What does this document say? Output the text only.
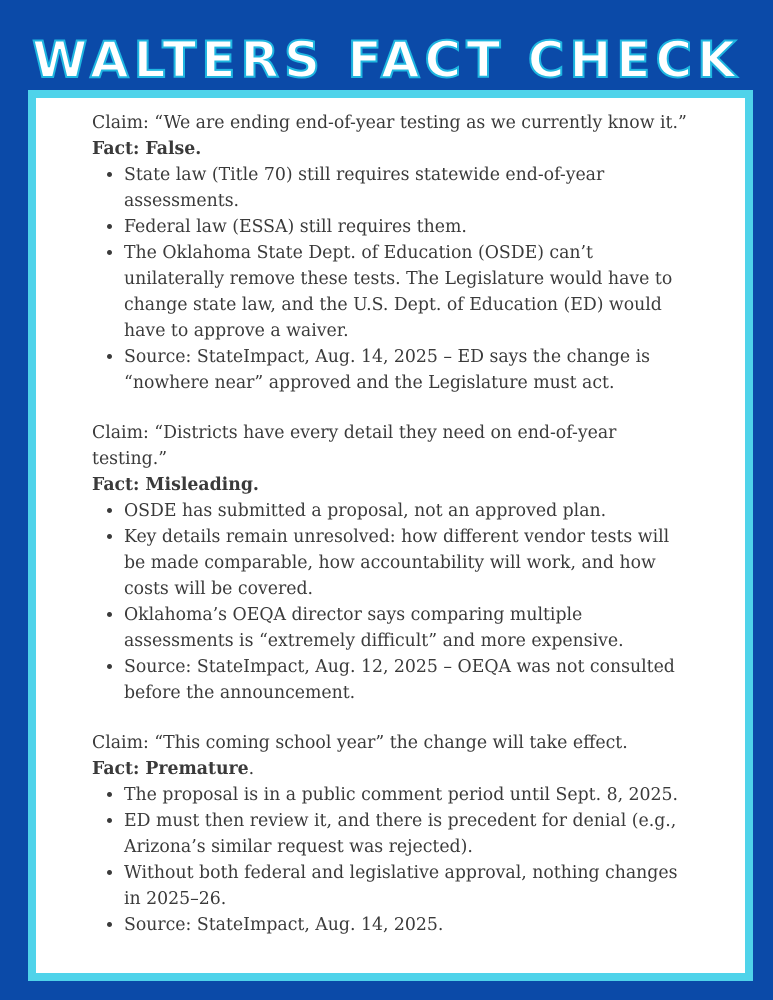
WALTERS FACT CHECK

Claim: “We are ending end-of-year testing as we currently know it.”

Fact: False.

• State law (Title 70) still requires statewide end-of-year assessments.
• Federal law (ESSA) still requires them.
• The Oklahoma State Dept. of Education (OSDE) can’t unilaterally remove these tests. The Legislature would have to change state law, and the U.S. Dept. of Education (ED) would have to approve a waiver.
• Source: StateImpact, Aug. 14, 2025 – ED says the change is “nowhere near” approved and the Legislature must act.

Claim: “Districts have every detail they need on end-of-year testing.”

Fact: Misleading.

• OSDE has submitted a proposal, not an approved plan.
• Key details remain unresolved: how different vendor tests will be made comparable, how accountability will work, and how costs will be covered.
• Oklahoma’s OEQA director says comparing multiple assessments is “extremely difficult” and more expensive.
• Source: StateImpact, Aug. 12, 2025 – OEQA was not consulted before the announcement.

Claim: “This coming school year” the change will take effect.

Fact: Premature.

• The proposal is in a public comment period until Sept. 8, 2025.
• ED must then review it, and there is precedent for denial (e.g., Arizona’s similar request was rejected).
• Without both federal and legislative approval, nothing changes in 2025–26.
• Source: StateImpact, Aug. 14, 2025.
